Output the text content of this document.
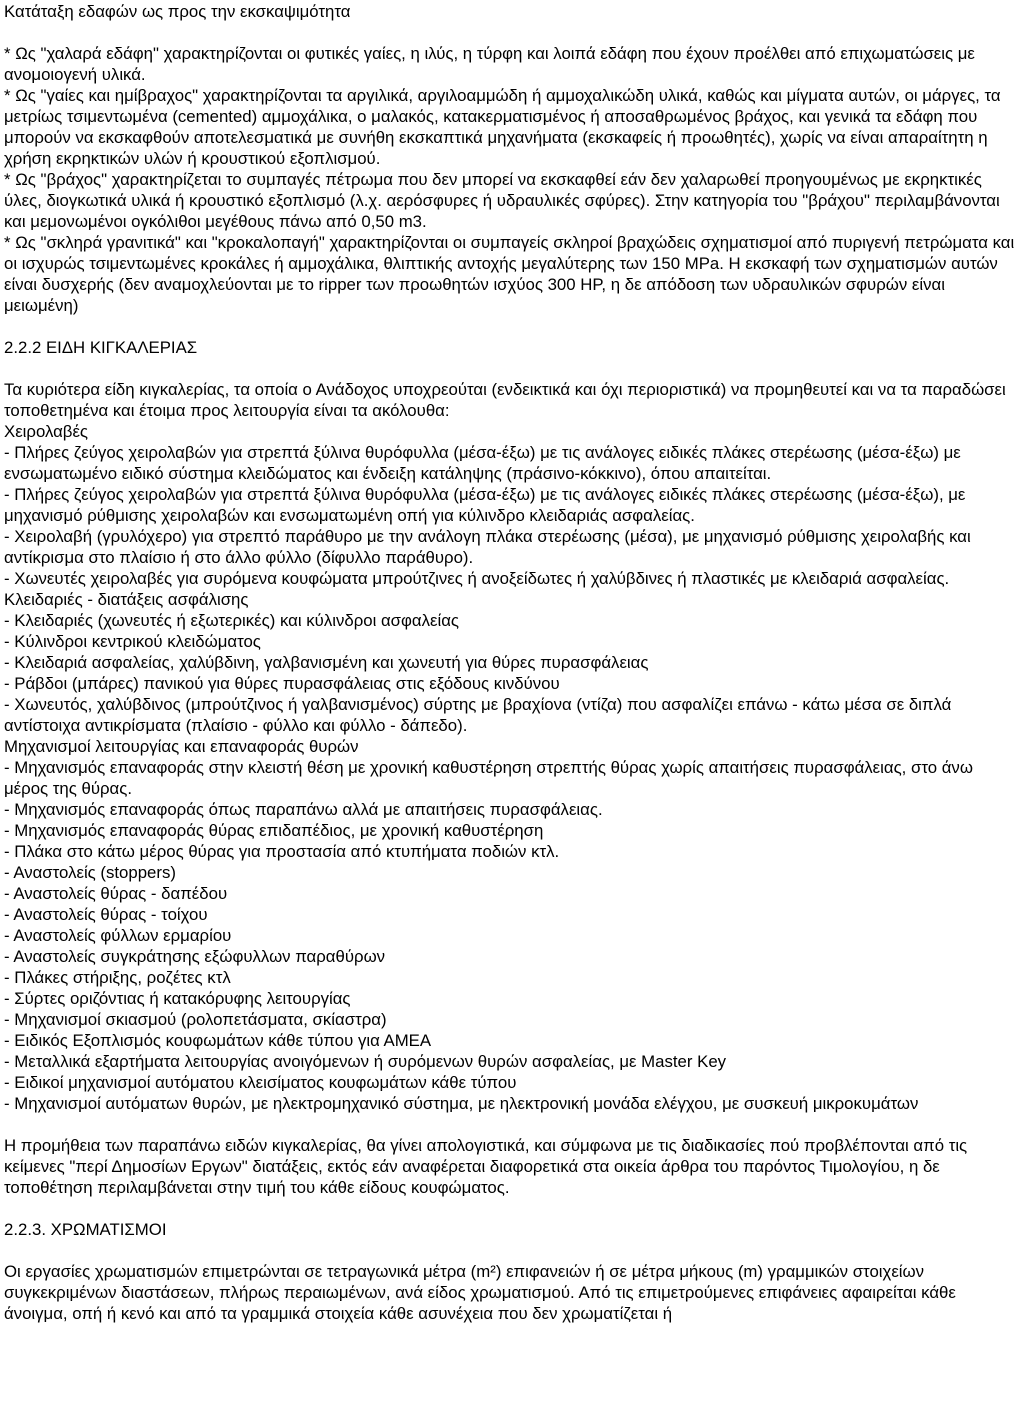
Κατάταξη εδαφών ως προς την εκσκαψιμότητα

* Ως "χαλαρά εδάφη" χαρακτηρίζονται οι φυτικές γαίες, η ιλύς, η τύρφη και λοιπά εδάφη που έχουν προέλθει από επιχωματώσεις με ανομοιογενή υλικά.

* Ως "γαίες και ημίβραχος" χαρακτηρίζονται τα αργιλικά, αργιλοαμμώδη ή αμμοχαλικώδη υλικά, καθώς και μίγματα αυτών, οι μάργες, τα μετρίως τσιμεντωμένα (cemented) αμμοχάλικα, ο μαλακός, κατακερματισμένος ή αποσαθρωμένος βράχος, και γενικά τα εδάφη που μπορούν να εκσκαφθούν αποτελεσματικά με συνήθη εκσκαπτικά μηχανήματα (εκσκαφείς ή προωθητές), χωρίς να είναι απαραίτητη η χρήση εκρηκτικών υλών ή κρουστικού εξοπλισμού.

* Ως "βράχος" χαρακτηρίζεται το συμπαγές πέτρωμα που δεν μπορεί να εκσκαφθεί εάν δεν χαλαρωθεί προηγουμένως με εκρηκτικές ύλες, διογκωτικά υλικά ή κρουστικό εξοπλισμό (λ.χ. αερόσφυρες ή υδραυλικές σφύρες). Στην κατηγορία του "βράχου" περιλαμβάνονται και μεμονωμένοι ογκόλιθοι μεγέθους πάνω από 0,50 m3.

* Ως "σκληρά γρανιτικά" και "κροκαλοπαγή" χαρακτηρίζονται οι συμπαγείς σκληροί βραχώδεις σχηματισμοί από πυριγενή πετρώματα και οι ισχυρώς τσιμεντωμένες κροκάλες ή αμμοχάλικα, θλιπτικής αντοχής μεγαλύτερης των 150 MPa. Η εκσκαφή των σχηματισμών αυτών είναι δυσχερής (δεν αναμοχλεύονται με το ripper των προωθητών ισχύος 300 HP, η δε απόδοση των υδραυλικών σφυρών είναι μειωμένη)

2.2.2 ΕΙΔΗ ΚΙΓΚΑΛΕΡΙΑΣ

Τα κυριότερα είδη κιγκαλερίας, τα οποία ο Ανάδοχος υποχρεούται (ενδεικτικά και όχι περιοριστικά) να προμηθευτεί και να τα παραδώσει τοποθετημένα και έτοιμα προς λειτουργία είναι τα ακόλουθα:

Χειρολαβές

- Πλήρες ζεύγος χειρολαβών για στρεπτά ξύλινα θυρόφυλλα (μέσα-έξω) με τις ανάλογες ειδικές πλάκες στερέωσης (μέσα-έξω) με ενσωματωμένο ειδικό σύστημα κλειδώματος και ένδειξη κατάληψης (πράσινο-κόκκινο), όπου απαιτείται.

- Πλήρες ζεύγος χειρολαβών για στρεπτά ξύλινα θυρόφυλλα (μέσα-έξω) με τις ανάλογες ειδικές πλάκες στερέωσης (μέσα-έξω), με μηχανισμό ρύθμισης χειρολαβών και ενσωματωμένη οπή για κύλινδρο κλειδαριάς ασφαλείας.

- Χειρολαβή (γρυλόχερο) για στρεπτό παράθυρο με την ανάλογη πλάκα στερέωσης (μέσα), με μηχανισμό ρύθμισης χειρολαβής και αντίκρισμα στο πλαίσιο ή στο άλλο φύλλο (δίφυλλο παράθυρο).

- Χωνευτές χειρολαβές για συρόμενα κουφώματα μπρούτζινες ή ανοξείδωτες ή χαλύβδινες ή πλαστικές με κλειδαριά ασφαλείας.

Κλειδαριές - διατάξεις ασφάλισης

- Κλειδαριές (χωνευτές ή εξωτερικές) και κύλινδροι ασφαλείας

- Κύλινδροι κεντρικού κλειδώματος

- Κλειδαριά ασφαλείας, χαλύβδινη, γαλβανισμένη και χωνευτή για θύρες πυρασφάλειας

- Ράβδοι (μπάρες) πανικού για θύρες πυρασφάλειας στις εξόδους κινδύνου

- Χωνευτός, χαλύβδινος (μπρούτζινος ή γαλβανισμένος) σύρτης με βραχίονα (ντίζα) που ασφαλίζει επάνω - κάτω μέσα σε διπλά αντίστοιχα αντικρίσματα (πλαίσιο - φύλλο και φύλλο - δάπεδο).

Μηχανισμοί λειτουργίας και επαναφοράς θυρών

- Μηχανισμός επαναφοράς στην κλειστή θέση με χρονική καθυστέρηση στρεπτής θύρας χωρίς απαιτήσεις πυρασφάλειας, στο άνω μέρος της θύρας.

- Μηχανισμός επαναφοράς όπως παραπάνω αλλά με απαιτήσεις πυρασφάλειας.

- Μηχανισμός επαναφοράς θύρας επιδαπέδιος, με χρονική καθυστέρηση

- Πλάκα στο κάτω μέρος θύρας για προστασία από κτυπήματα ποδιών κτλ.

- Αναστολείς (stoppers)

- Αναστολείς θύρας - δαπέδου

- Αναστολείς θύρας - τοίχου

- Αναστολείς φύλλων ερμαρίου

- Αναστολείς συγκράτησης εξώφυλλων παραθύρων

- Πλάκες στήριξης, ροζέτες κτλ

- Σύρτες οριζόντιας ή κατακόρυφης λειτουργίας

- Μηχανισμοί σκιασμού (ρολοπετάσματα, σκίαστρα)

- Ειδικός Εξοπλισμός κουφωμάτων κάθε τύπου για ΑΜΕΑ

- Μεταλλικά εξαρτήματα λειτουργίας ανοιγόμενων ή συρόμενων θυρών ασφαλείας, με Master Key

- Ειδικοί μηχανισμοί αυτόματου κλεισίματος κουφωμάτων κάθε τύπου

- Μηχανισμοί αυτόματων θυρών, με ηλεκτρομηχανικό σύστημα, με ηλεκτρονική μονάδα ελέγχου, με συσκευή μικροκυμάτων

Η προμήθεια των παραπάνω ειδών κιγκαλερίας, θα γίνει απολογιστικά, και σύμφωνα με τις διαδικασίες πού προβλέπονται από τις κείμενες "περί Δημοσίων Εργων" διατάξεις, εκτός εάν αναφέρεται διαφορετικά στα οικεία άρθρα του παρόντος Τιμολογίου, η δε τοποθέτηση περιλαμβάνεται στην τιμή του κάθε είδους κουφώματος.

2.2.3. ΧΡΩΜΑΤΙΣΜΟΙ

Οι εργασίες χρωματισμών επιμετρώνται σε τετραγωνικά μέτρα (m²) επιφανειών ή σε μέτρα μήκους (m) γραμμικών στοιχείων συγκεκριμένων διαστάσεων, πλήρως περαιωμένων, ανά είδος χρωματισμού. Από τις επιμετρούμενες επιφάνειες αφαιρείται κάθε άνοιγμα, οπή ή κενό και από τα γραμμικά στοιχεία κάθε ασυνέχεια που δεν χρωματίζεται ή
